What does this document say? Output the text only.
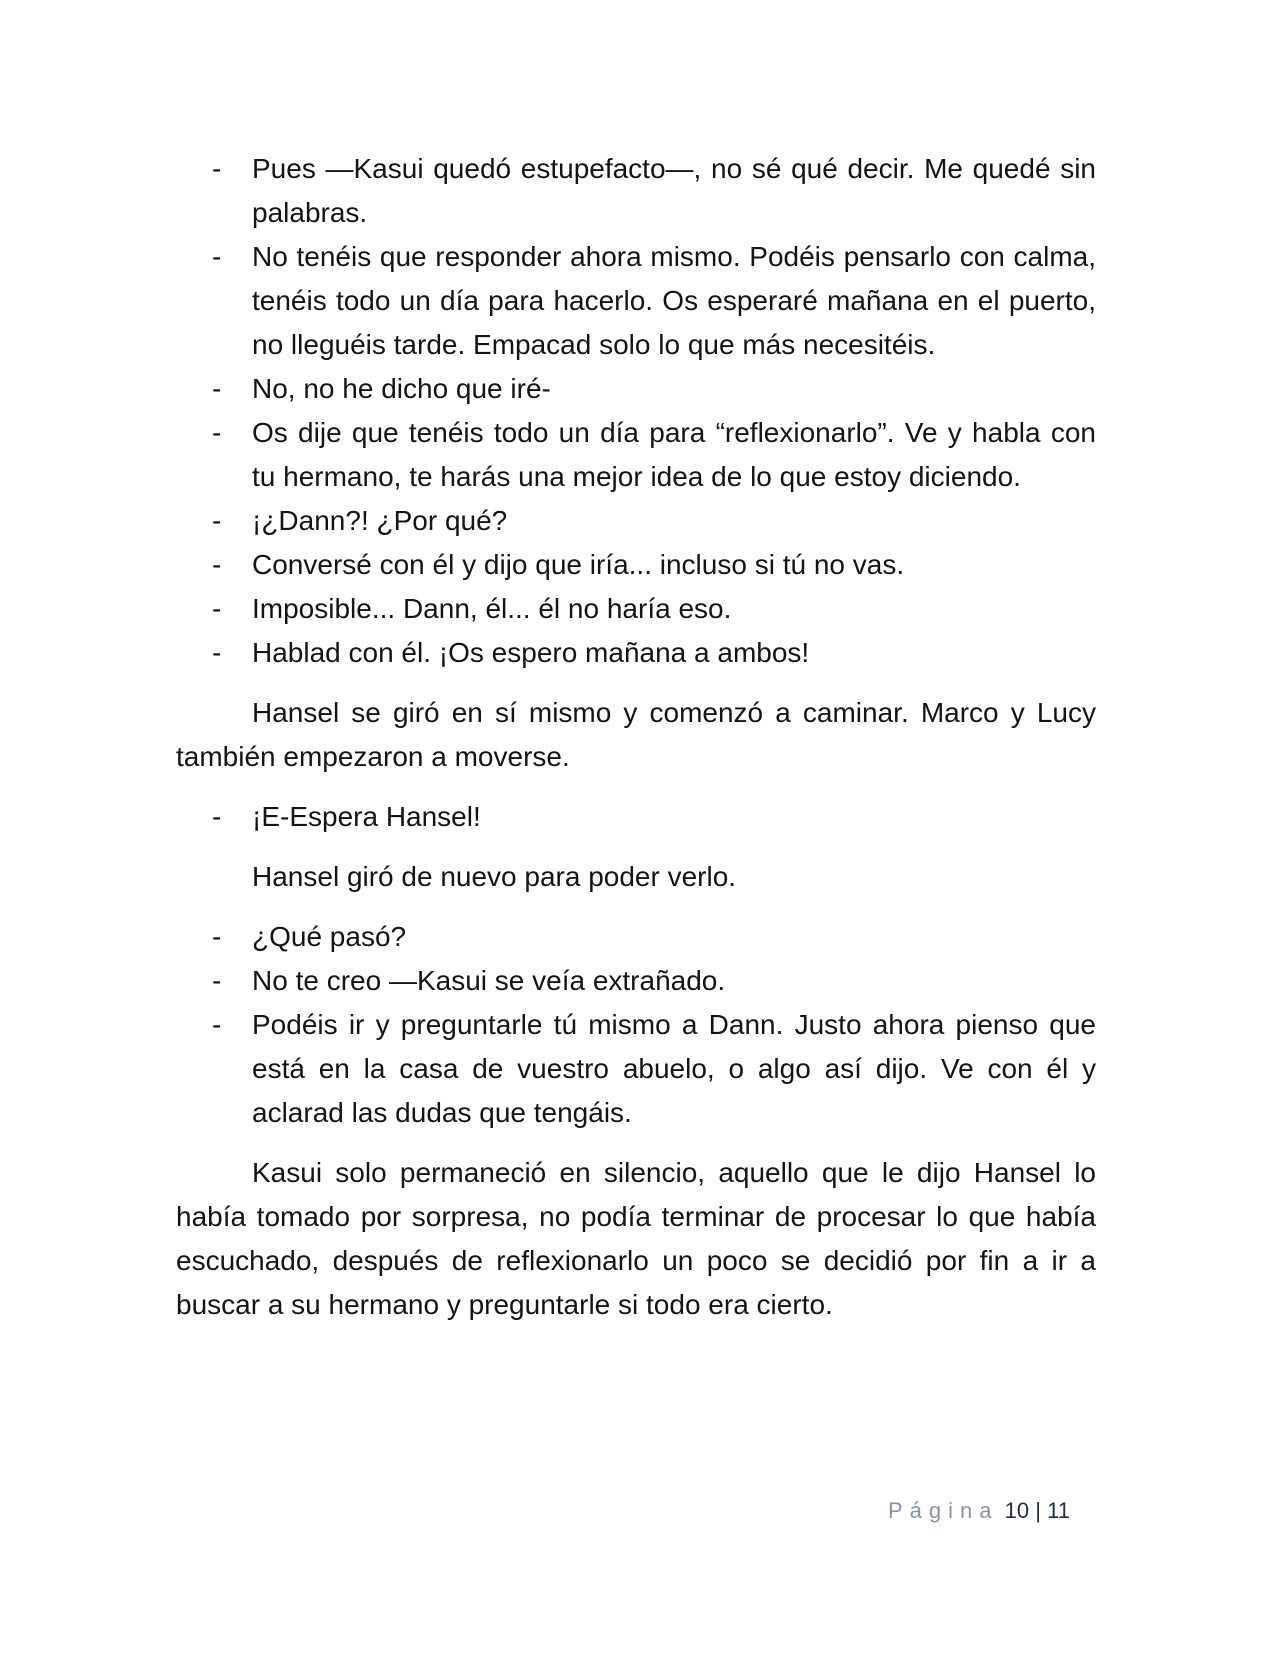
- Pues —Kasui quedó estupefacto—, no sé qué decir. Me quedé sin palabras.
- No tenéis que responder ahora mismo. Podéis pensarlo con calma, tenéis todo un día para hacerlo. Os esperaré mañana en el puerto, no lleguéis tarde. Empacad solo lo que más necesitéis.
- No, no he dicho que iré-
- Os dije que tenéis todo un día para “reflexionarlo”. Ve y habla con tu hermano, te harás una mejor idea de lo que estoy diciendo.
- ¡¿Dann?! ¿Por qué?
- Conversé con él y dijo que iría... incluso si tú no vas.
- Imposible... Dann, él... él no haría eso.
- Hablad con él. ¡Os espero mañana a ambos!

Hansel se giró en sí mismo y comenzó a caminar. Marco y Lucy también empezaron a moverse.

- ¡E-Espera Hansel!

Hansel giró de nuevo para poder verlo.

- ¿Qué pasó?
- No te creo —Kasui se veía extrañado.
- Podéis ir y preguntarle tú mismo a Dann. Justo ahora pienso que está en la casa de vuestro abuelo, o algo así dijo. Ve con él y aclarad las dudas que tengáis.

Kasui solo permaneció en silencio, aquello que le dijo Hansel lo había tomado por sorpresa, no podía terminar de procesar lo que había escuchado, después de reflexionarlo un poco se decidió por fin a ir a buscar a su hermano y preguntarle si todo era cierto.

Página 10 | 11
